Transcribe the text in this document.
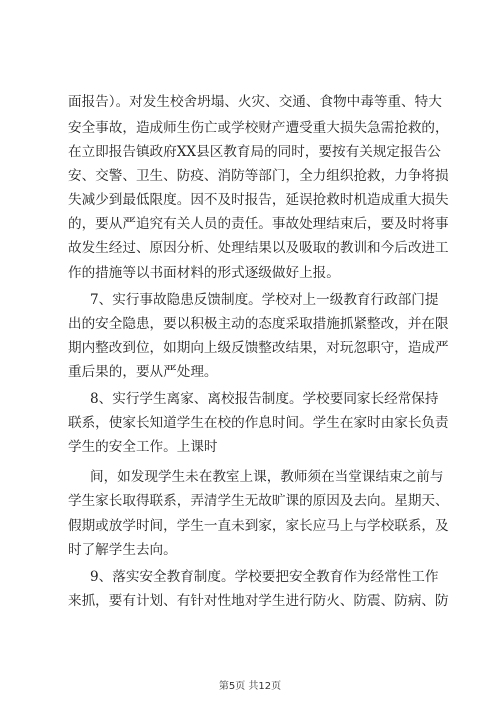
面报告）。对发生校舍坍塌、火灾、交通、食物中毒等重、特大
安全事故，造成师生伤亡或学校财产遭受重大损失急需抢救的，
在立即报告镇政府XX县区教育局的同时，要按有关规定报告公
安、交警、卫生、防疫、消防等部门，全力组织抢救，力争将损
失减少到最低限度。因不及时报告，延误抢救时机造成重大损失
的，要从严追究有关人员的责任。事故处理结束后，要及时将事
故发生经过、原因分析、处理结果以及吸取的教训和今后改进工
作的措施等以书面材料的形式逐级做好上报。
7、实行事故隐患反馈制度。学校对上一级教育行政部门提
出的安全隐患，要以积极主动的态度采取措施抓紧整改，并在限
期内整改到位，如期向上级反馈整改结果，对玩忽职守，造成严
重后果的，要从严处理。
8、实行学生离家、离校报告制度。学校要同家长经常保持
联系，使家长知道学生在校的作息时间。学生在家时由家长负责
学生的安全工作。上课时
间，如发现学生未在教室上课，教师须在当堂课结束之前与
学生家长取得联系，弄清学生无故旷课的原因及去向。星期天、
假期或放学时间，学生一直未到家，家长应马上与学校联系，及
时了解学生去向。
9、落实安全教育制度。学校要把安全教育作为经常性工作
来抓，要有计划、有针对性地对学生进行防火、防震、防病、防
第5页 共12页
